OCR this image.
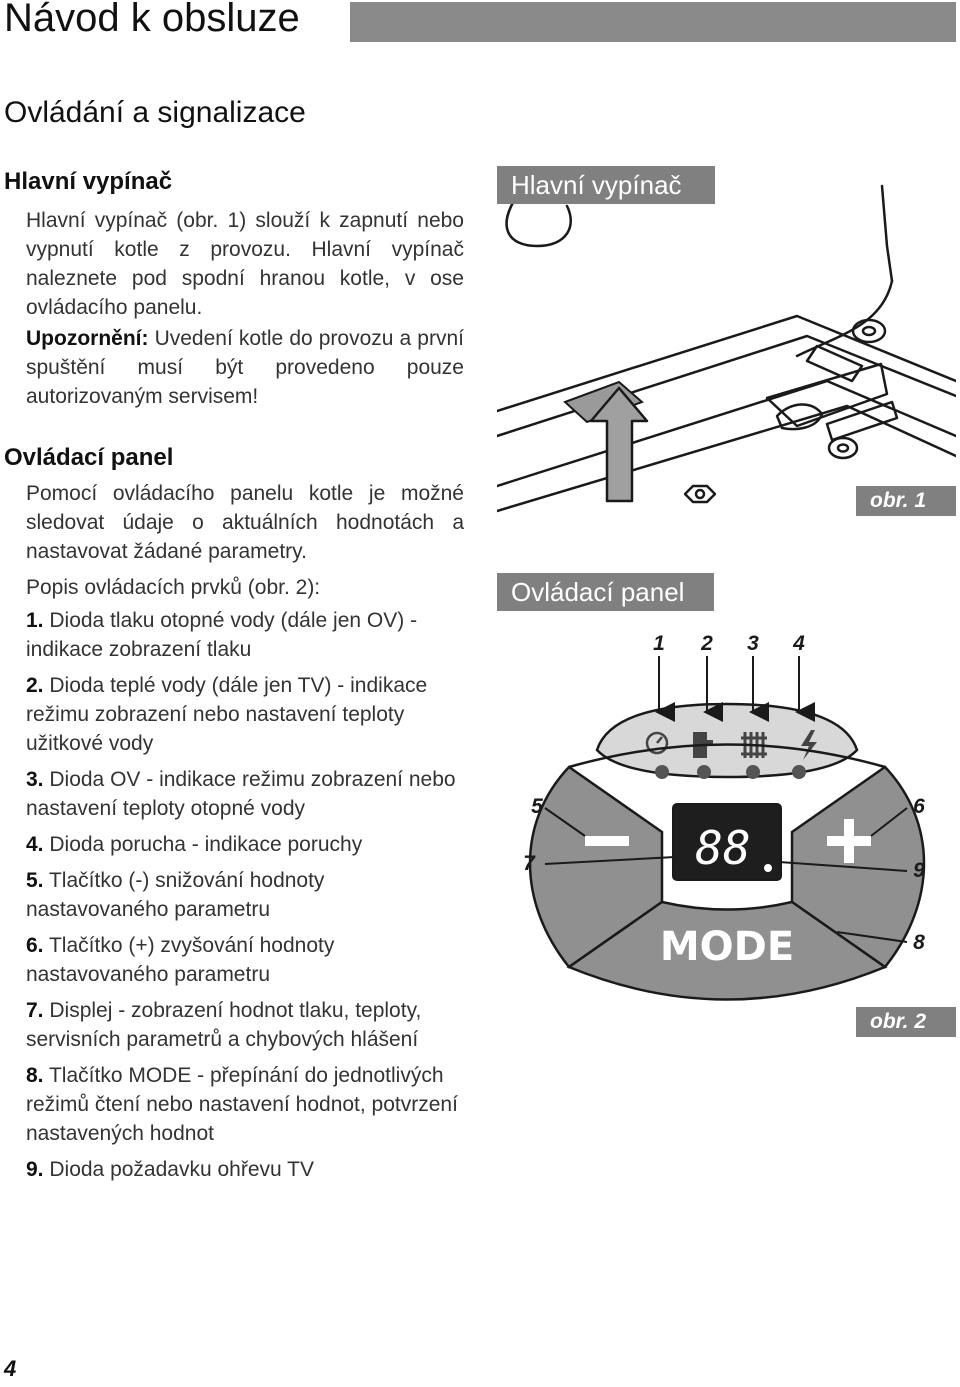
Návod k obsluze
Ovládání a signalizace
Hlavní vypínač

Hlavní vypínač (obr. 1) slouží k zapnutí nebo vypnutí kotle z provozu. Hlavní vypínač naleznete pod spodní hranou kotle, v ose ovládacího panelu.

Upozornění: Uvedení kotle do provozu a první spuštění musí být provedeno pouze autorizovaným servisem!

Ovládací panel

Pomocí ovládacího panelu kotle je možné sledovat údaje o aktuálních hodnotách a nastavovat žádané parametry.

Popis ovládacích prvků (obr. 2):

1. Dioda tlaku otopné vody (dále jen OV) - indikace zobrazení tlaku
2. Dioda teplé vody (dále jen TV) - indikace režimu zobrazení nebo nastavení teploty užitkové vody
3. Dioda OV - indikace režimu zobrazení nebo nastavení teploty otopné vody
4. Dioda porucha - indikace poruchy
5. Tlačítko (-) snižování hodnoty nastavovaného parametru
6. Tlačítko (+) zvyšování hodnoty nastavovaného parametru
7. Displej - zobrazení hodnot tlaku, teploty, servisních parametrů a chybových hlášení
8. Tlačítko MODE - přepínání do jednotlivých režimů čtení nebo nastavení hodnot, potvrzení nastavených hodnot
9. Dioda požadavku ohřevu TV
Hlavní vypínač
obr. 1
88
MODE
1 2 3 4
5	6
7
8
9
Ovládací panel
obr. 2
4
